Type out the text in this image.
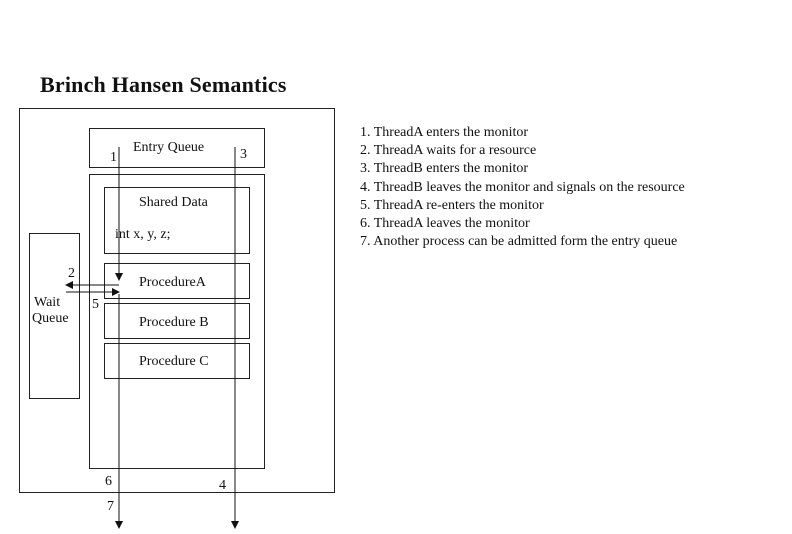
Brinch Hansen Semantics
Entry Queue
Shared Data
int x, y, z;
ProcedureA
Procedure B
Procedure C
Wait
Queue
1	3
2
5
6	4
7
1. ThreadA enters the monitor
2. ThreadA waits for a resource
3. ThreadB enters the monitor
4. ThreadB leaves the monitor and signals on the resource
5. ThreadA re-enters the monitor
6. ThreadA leaves the monitor
7. Another process can be admitted form the entry queue
